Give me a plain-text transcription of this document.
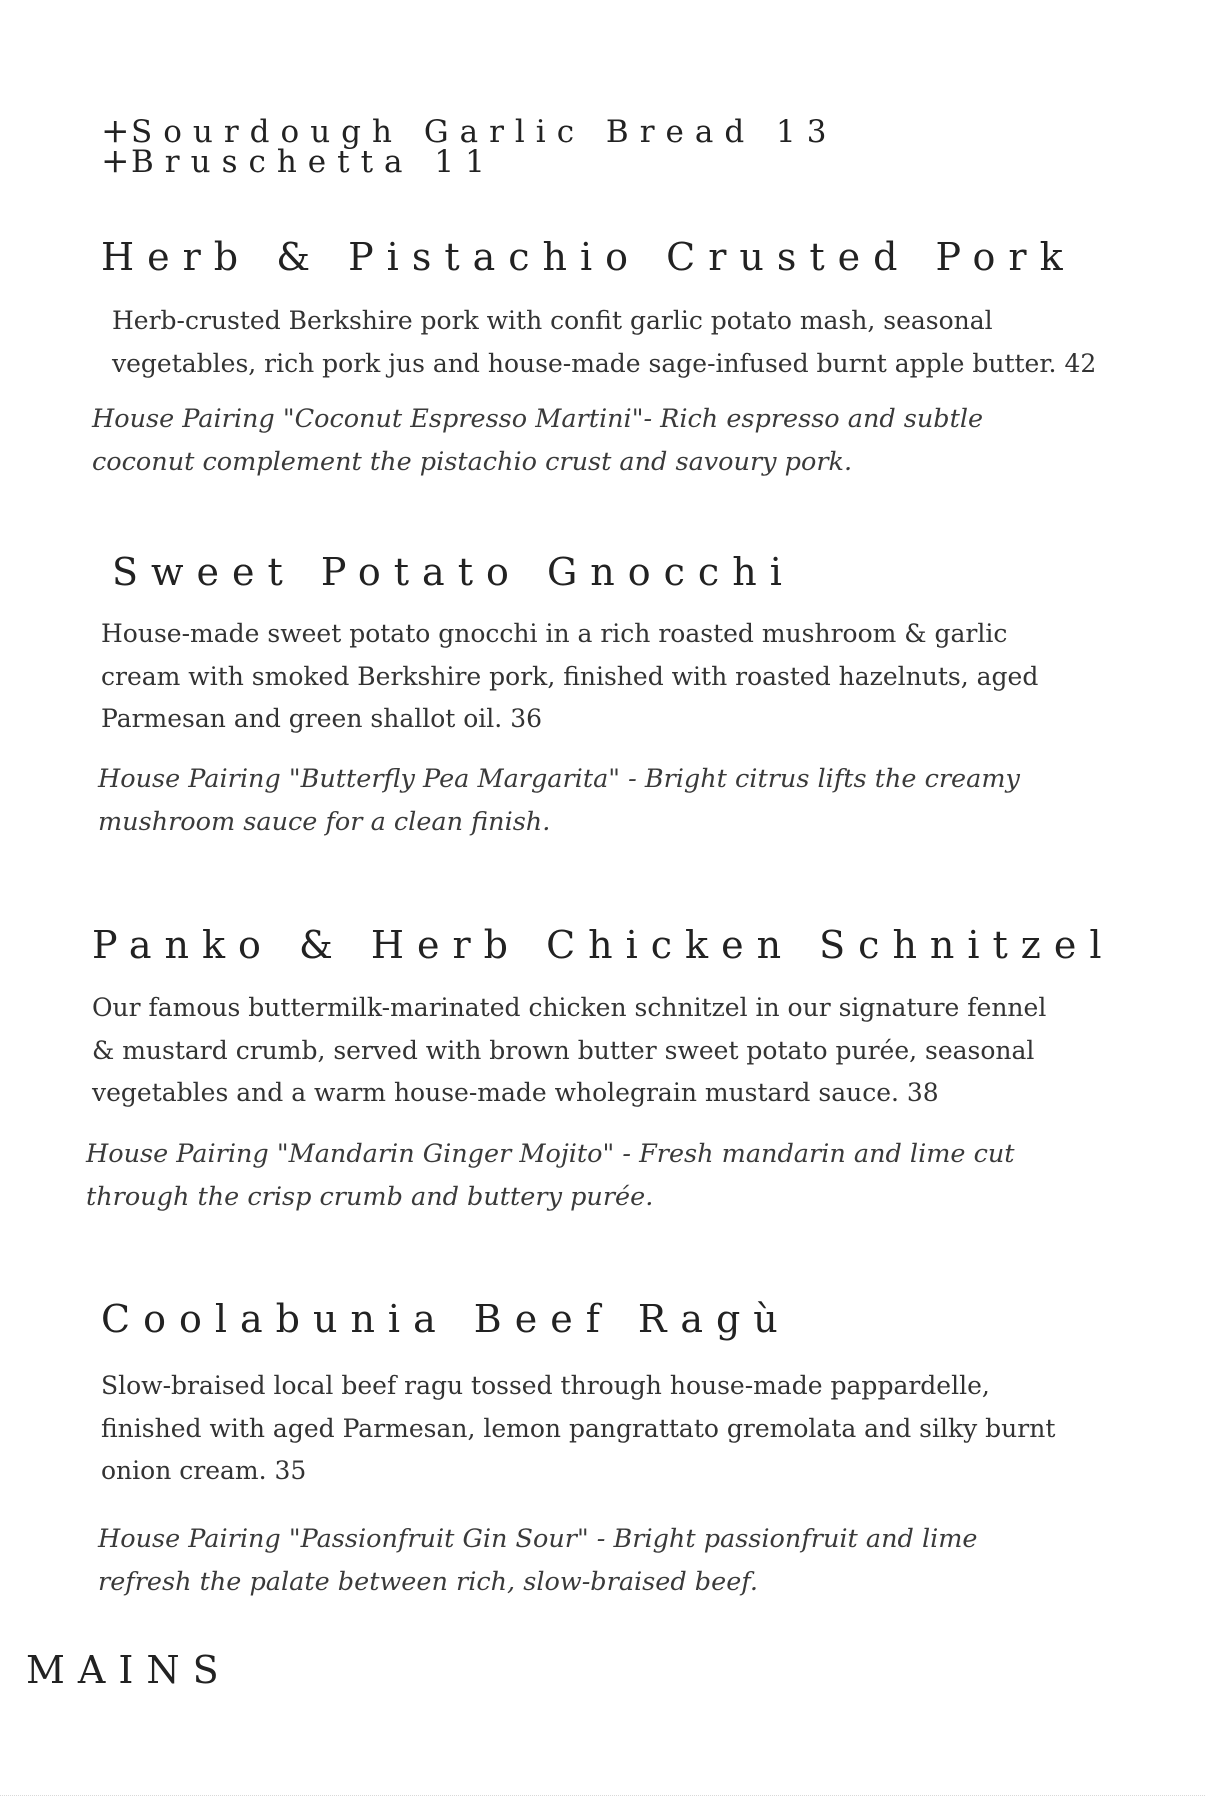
+Sourdough Garlic Bread 13
+Bruschetta 11
Herb & Pistachio Crusted Pork
Herb-crusted Berkshire pork with confit garlic potato mash, seasonal vegetables, rich pork jus and house-made sage-infused burnt apple butter. 42
House Pairing "Coconut Espresso Martini"- Rich espresso and subtle coconut complement the pistachio crust and savoury pork.
Sweet Potato Gnocchi
House-made sweet potato gnocchi in a rich roasted mushroom & garlic cream with smoked Berkshire pork, finished with roasted hazelnuts, aged Parmesan and green shallot oil. 36
House Pairing "Butterfly Pea Margarita" - Bright citrus lifts the creamy mushroom sauce for a clean finish.
Panko & Herb Chicken Schnitzel
Our famous buttermilk-marinated chicken schnitzel in our signature fennel & mustard crumb, served with brown butter sweet potato purée, seasonal vegetables and a warm house-made wholegrain mustard sauce. 38
House Pairing "Mandarin Ginger Mojito" - Fresh mandarin and lime cut through the crisp crumb and buttery purée.
Coolabunia Beef Ragù
Slow-braised local beef ragu tossed through house-made pappardelle, finished with aged Parmesan, lemon pangrattato gremolata and silky burnt onion cream. 35
House Pairing "Passionfruit Gin Sour" - Bright passionfruit and lime refresh the palate between rich, slow-braised beef.
MAINS
